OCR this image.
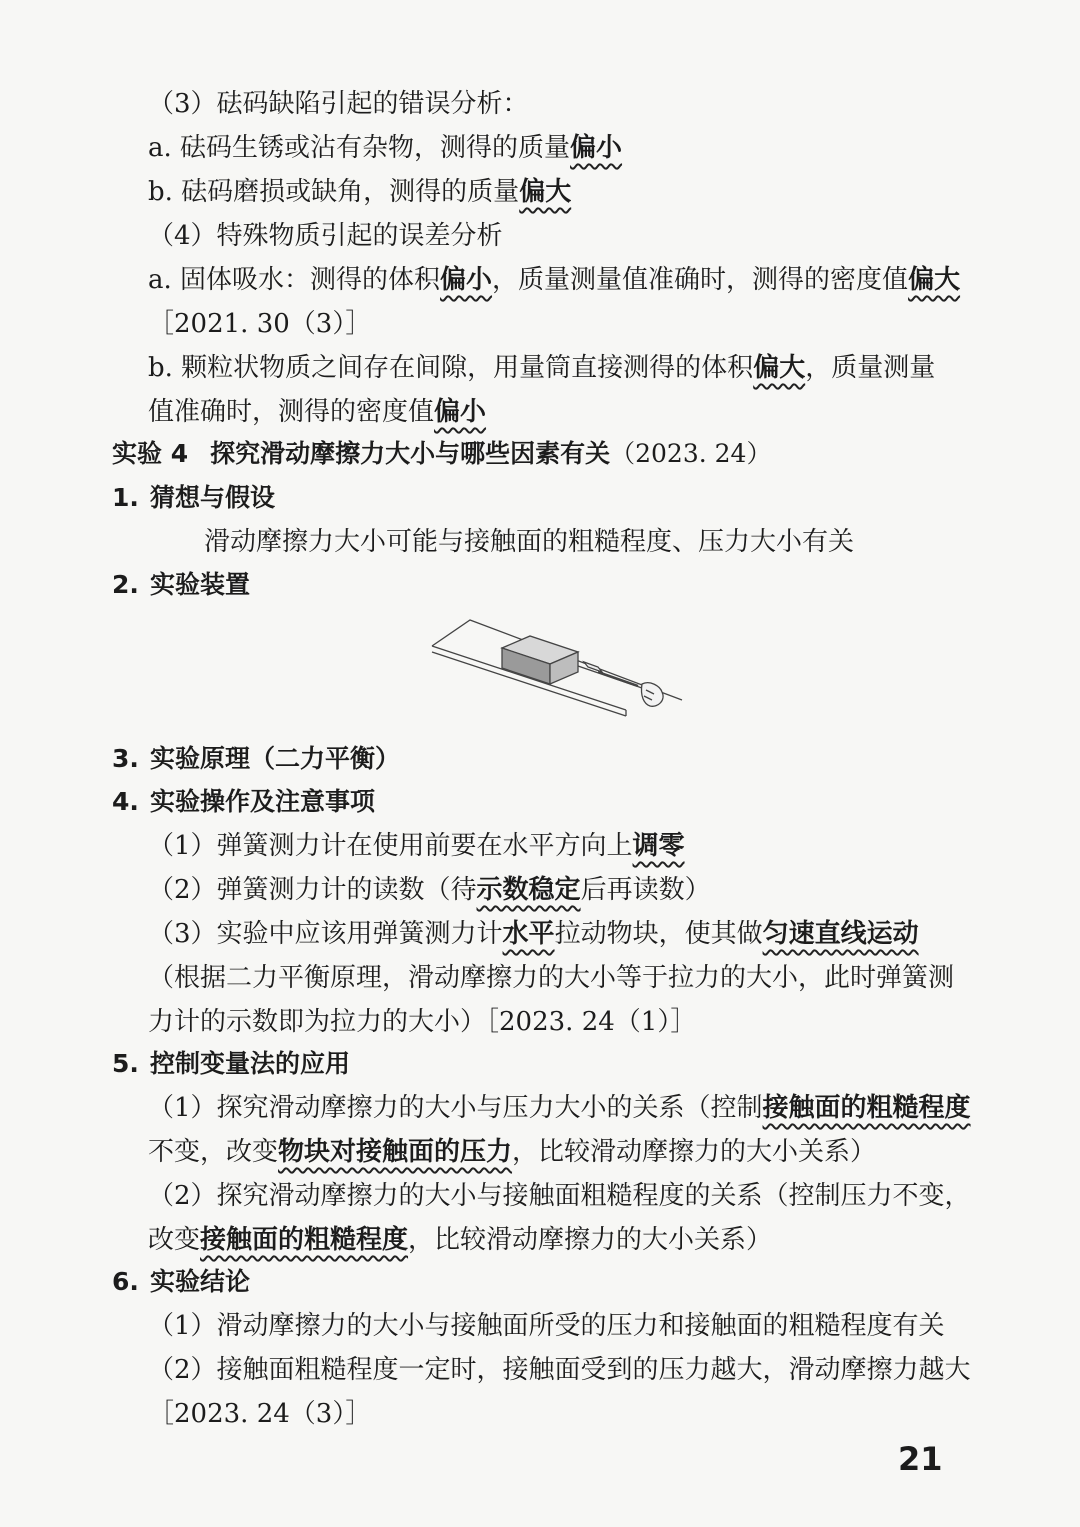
（3）砝码缺陷引起的错误分析：
a. 砝码生锈或沾有杂物，测得的质量偏小
b. 砝码磨损或缺角，测得的质量偏大
（4）特殊物质引起的误差分析
a. 固体吸水：测得的体积偏小，质量测量值准确时，测得的密度值偏大
［2021. 30（3）］
b. 颗粒状物质之间存在间隙，用量筒直接测得的体积偏大，质量测量
值准确时，测得的密度值偏小
实验 4 探究滑动摩擦力大小与哪些因素有关（2023. 24）
1. 猜想与假设
滑动摩擦力大小可能与接触面的粗糙程度、压力大小有关
2. 实验装置
3. 实验原理（二力平衡）
4. 实验操作及注意事项
（1）弹簧测力计在使用前要在水平方向上调零
（2）弹簧测力计的读数（待示数稳定后再读数）
（3）实验中应该用弹簧测力计水平拉动物块，使其做匀速直线运动
（根据二力平衡原理，滑动摩擦力的大小等于拉力的大小，此时弹簧测
力计的示数即为拉力的大小）［2023. 24（1）］
5. 控制变量法的应用
（1）探究滑动摩擦力的大小与压力大小的关系（控制接触面的粗糙程度
不变，改变物块对接触面的压力，比较滑动摩擦力的大小关系）
（2）探究滑动摩擦力的大小与接触面粗糙程度的关系（控制压力不变，
改变接触面的粗糙程度，比较滑动摩擦力的大小关系）
6. 实验结论
（1）滑动摩擦力的大小与接触面所受的压力和接触面的粗糙程度有关
（2）接触面粗糙程度一定时，接触面受到的压力越大，滑动摩擦力越大
［2023. 24（3）］
21
